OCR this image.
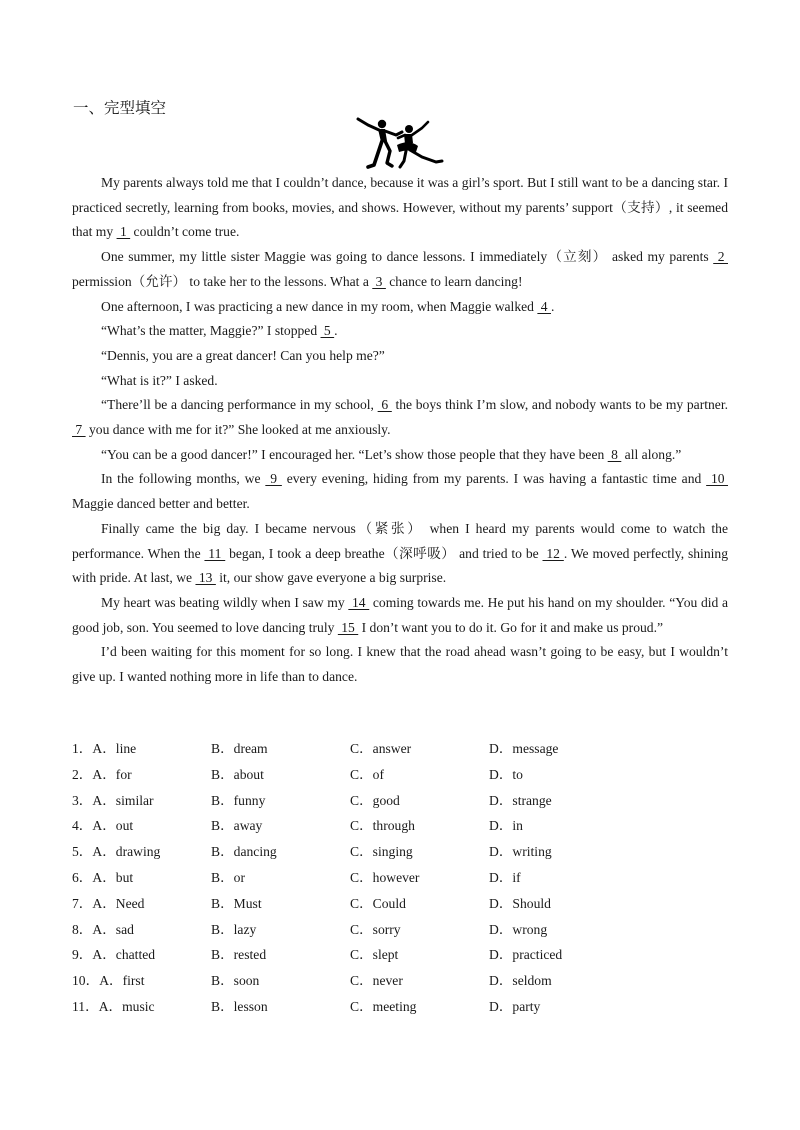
一、完型填空

My parents always told me that I couldn’t dance, because it was a girl’s sport. But I still want to be a dancing star. I practiced secretly, learning from books, movies, and shows. However, without my parents’ support（支持）, it seemed that my  1  couldn’t come true.

One summer, my little sister Maggie was going to dance lessons. I immediately（立刻） asked my parents  2  permission（允许） to take her to the lessons. What a  3  chance to learn dancing!

One afternoon, I was practicing a new dance in my room, when Maggie walked  4 .

“What’s the matter, Maggie?” I stopped  5 .

“Dennis, you are a great dancer! Can you help me?”

“What is it?” I asked.

“There’ll be a dancing performance in my school,  6  the boys think I’m slow, and nobody wants to be my partner.  7  you dance with me for it?” She looked at me anxiously.

“You can be a good dancer!” I encouraged her. “Let’s show those people that they have been  8  all along.”

In the following months, we  9  every evening, hiding from my parents. I was having a fantastic time and  10  Maggie danced better and better.

Finally came the big day. I became nervous（紧张） when I heard my parents would come to watch the performance. When the  11  began, I took a deep breathe（深呼吸） and tried to be  12 . We moved perfectly, shining with pride. At last, we  13  it, our show gave everyone a big surprise.

My heart was beating wildly when I saw my  14  coming towards me. He put his hand on my shoulder. “You did a good job, son. You seemed to love dancing truly  15  I don’t want you to do it. Go for it and make us proud.”

I’d been waiting for this moment for so long. I knew that the road ahead wasn’t going to be easy, but I wouldn’t give up. I wanted nothing more in life than to dance.

1．A．line	B．dream	C．answer	D．message
2．A．for	B．about	C．of	D．to
3．A．similar	B．funny	C．good	D．strange
4．A．out	B．away	C．through	D．in
5．A．drawing	B．dancing	C．singing	D．writing
6．A．but	B．or	C．however	D．if
7．A．Need	B．Must	C．Could	D．Should
8．A．sad	B．lazy	C．sorry	D．wrong
9．A．chatted	B．rested	C．slept	D．practiced
10．A．first	B．soon	C．never	D．seldom
11．A．music	B．lesson	C．meeting	D．party
